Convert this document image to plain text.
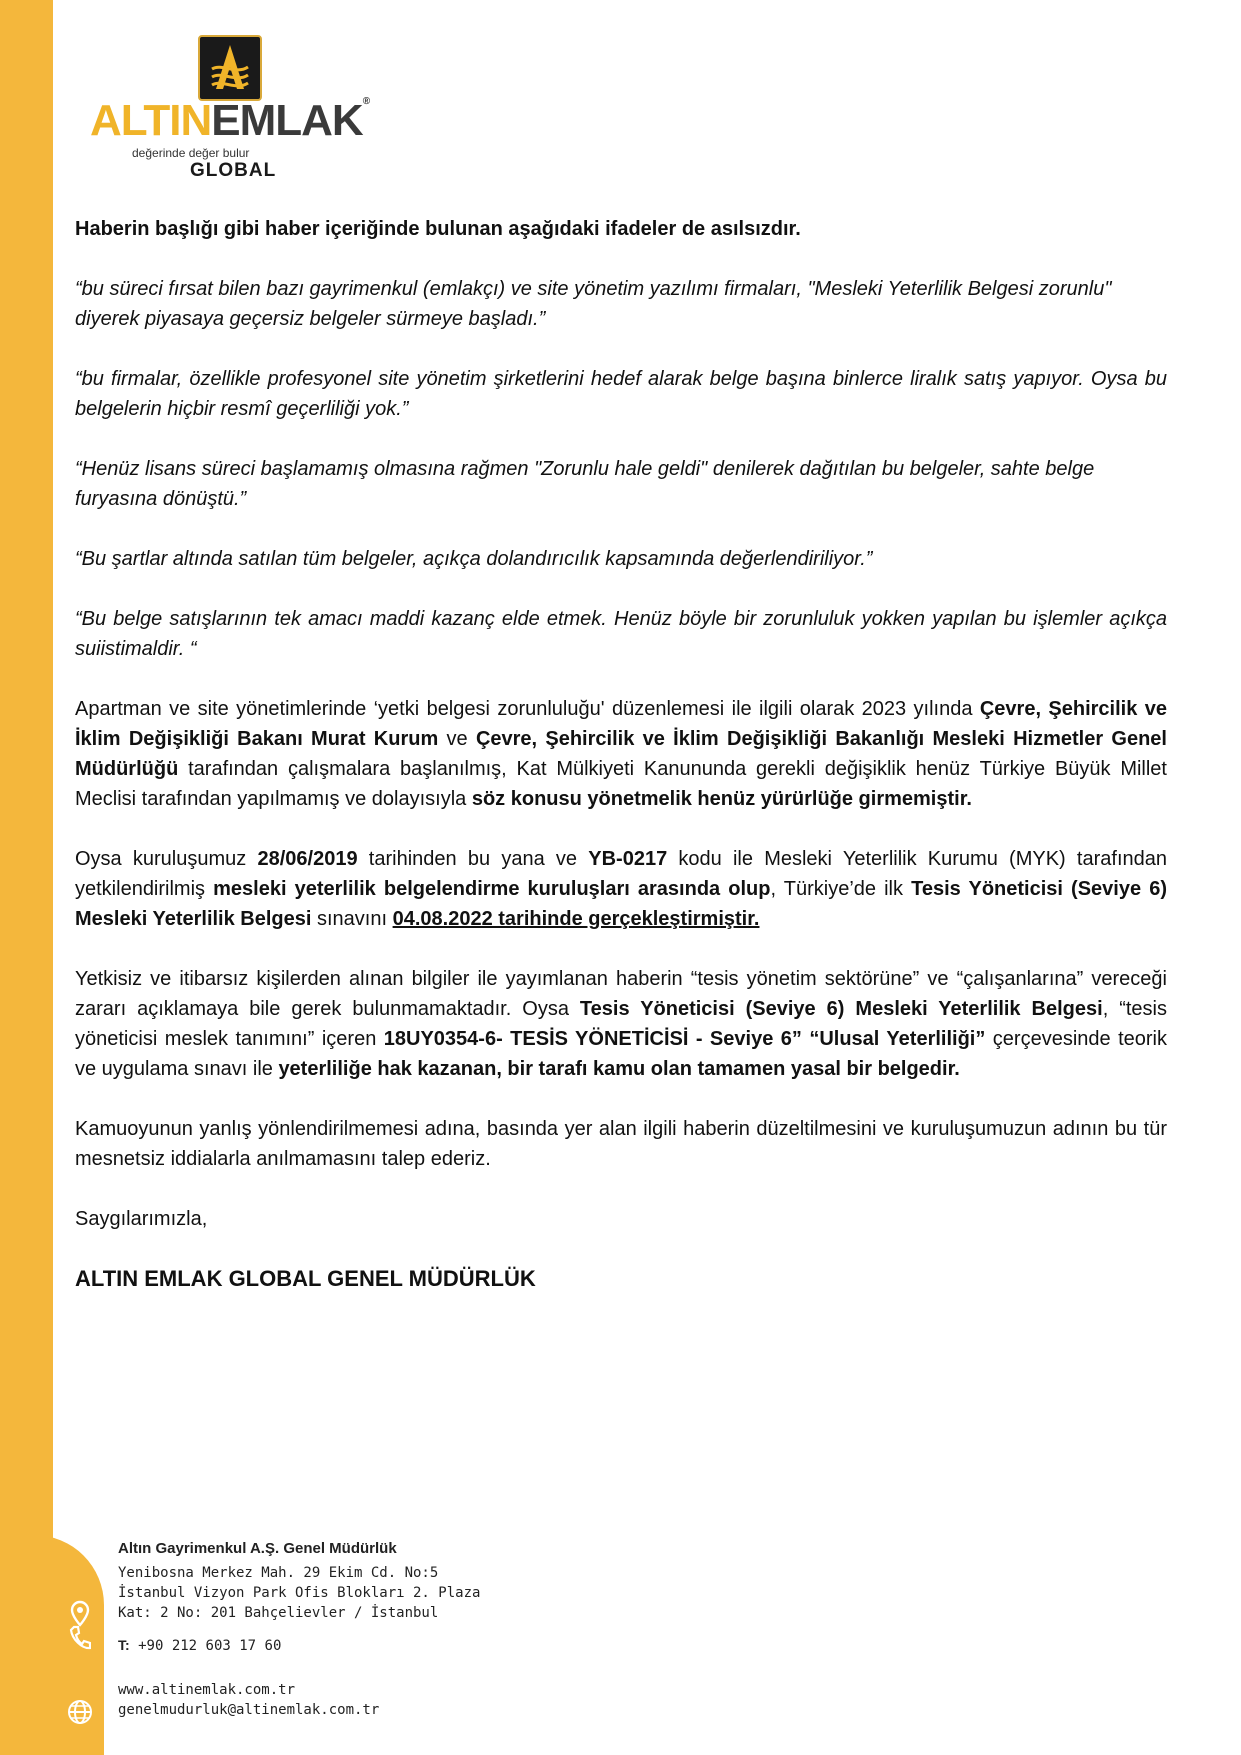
ALTINEMLAK®
değerinde değer bulur
GLOBAL

Haberin başlığı gibi haber içeriğinde bulunan aşağıdaki ifadeler de asılsızdır.

“bu süreci fırsat bilen bazı gayrimenkul (emlakçı) ve site yönetim yazılımı firmaları, "Mesleki Yeterlilik Belgesi zorunlu" diyerek piyasaya geçersiz belgeler sürmeye başladı.”

“bu firmalar, özellikle profesyonel site yönetim şirketlerini hedef alarak belge başına binlerce liralık satış yapıyor. Oysa bu belgelerin hiçbir resmî geçerliliği yok.”

“Henüz lisans süreci başlamamış olmasına rağmen "Zorunlu hale geldi" denilerek dağıtılan bu belgeler, sahte belge furyasına dönüştü.”

“Bu şartlar altında satılan tüm belgeler, açıkça dolandırıcılık kapsamında değerlendiriliyor.”

“Bu belge satışlarının tek amacı maddi kazanç elde etmek. Henüz böyle bir zorunluluk yokken yapılan bu işlemler açıkça suiistimaldir. “

Apartman ve site yönetimlerinde ‘yetki belgesi zorunluluğu' düzenlemesi ile ilgili olarak 2023 yılında Çevre, Şehircilik ve İklim Değişikliği Bakanı Murat Kurum ve Çevre, Şehircilik ve İklim Değişikliği Bakanlığı Mesleki Hizmetler Genel Müdürlüğü tarafından çalışmalara başlanılmış, Kat Mülkiyeti Kanununda gerekli değişiklik henüz Türkiye Büyük Millet Meclisi tarafından yapılmamış ve dolayısıyla söz konusu yönetmelik henüz yürürlüğe girmemiştir.

Oysa kuruluşumuz 28/06/2019 tarihinden bu yana ve YB-0217 kodu ile Mesleki Yeterlilik Kurumu (MYK) tarafından yetkilendirilmiş mesleki yeterlilik belgelendirme kuruluşları arasında olup, Türkiye’de ilk Tesis Yöneticisi (Seviye 6) Mesleki Yeterlilik Belgesi sınavını 04.08.2022 tarihinde gerçekleştirmiştir.

Yetkisiz ve itibarsız kişilerden alınan bilgiler ile yayımlanan haberin “tesis yönetim sektörüne” ve “çalışanlarına” vereceği zararı açıklamaya bile gerek bulunmamaktadır. Oysa Tesis Yöneticisi (Seviye 6) Mesleki Yeterlilik Belgesi, “tesis yöneticisi meslek tanımını” içeren 18UY0354-6- TESİS YÖNETİCİSİ - Seviye 6” “Ulusal Yeterliliği” çerçevesinde teorik ve uygulama sınavı ile yeterliliğe hak kazanan, bir tarafı kamu olan tamamen yasal bir belgedir.

Kamuoyunun yanlış yönlendirilmemesi adına, basında yer alan ilgili haberin düzeltilmesini ve kuruluşumuzun adının bu tür mesnetsiz iddialarla anılmamasını talep ederiz.

Saygılarımızla,

ALTIN EMLAK GLOBAL GENEL MÜDÜRLÜK

Altın Gayrimenkul A.Ş. Genel Müdürlük
Yenibosna Merkez Mah. 29 Ekim Cd. No:5
İstanbul Vizyon Park Ofis Blokları 2. Plaza
Kat: 2 No: 201 Bahçelievler / İstanbul
T: +90 212 603 17 60
www.altinemlak.com.tr
genelmudurluk@altinemlak.com.tr
